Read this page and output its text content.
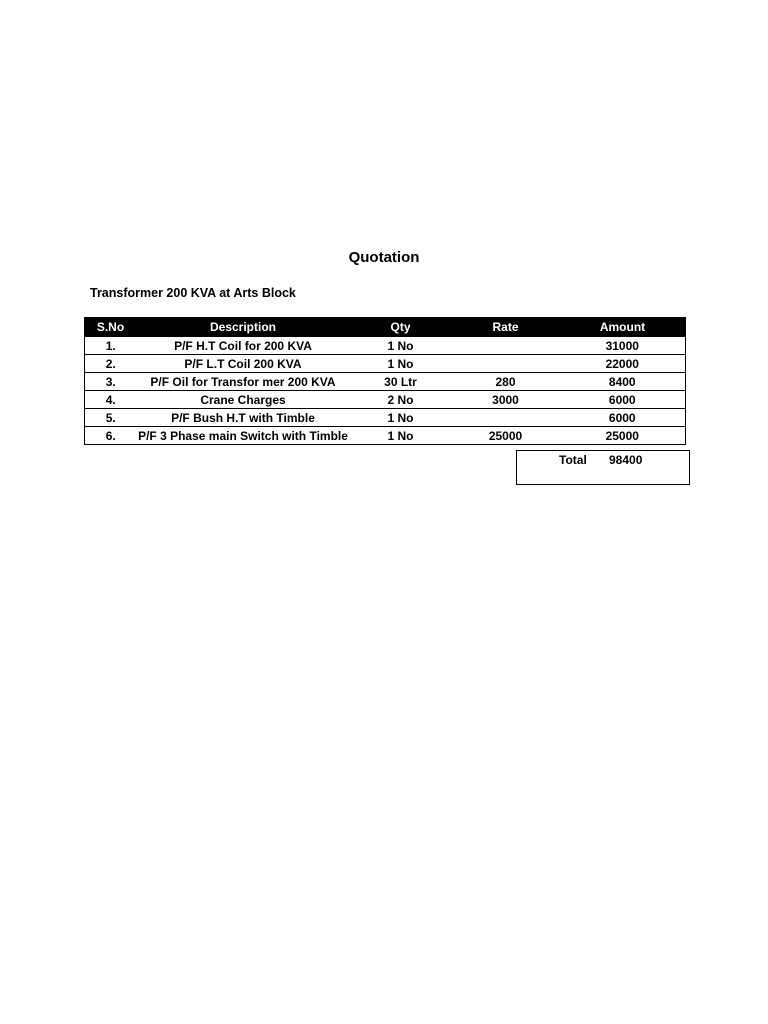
Quotation
Transformer 200 KVA at Arts Block
S.No	Description	Qty	Rate	Amount
1.	P/F H.T Coil for 200 KVA	1 No		31000
2.	P/F L.T Coil 200 KVA	1 No		22000
3.	P/F Oil for Transfor mer 200 KVA	30 Ltr	280	8400
4.	Crane Charges	2 No	3000	6000
5.	P/F Bush H.T with Timble	1 No		6000
6.	P/F 3 Phase main Switch with Timble	1 No	25000	25000
Total 98400
